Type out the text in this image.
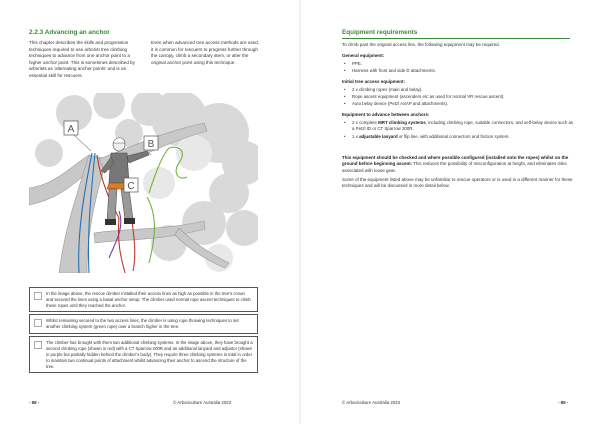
2.2.3 Advancing an anchor
This chapter describes the skills and progression techniques required to use arborist tree climbing techniques to advance from one anchor point to a higher anchor point. This is sometimes described by arborists as ‘alternating anchor points’ and is an essential skill for rescuers.
Even when advanced tree access methods are used, it is common for rescuers to progress further through the canopy, climb a secondary stem, or alter the original anchor point using this technique.
A
B
C
In the image above, the rescue climber installed their access lines as high as possible in the tree’s crown and secured the lines using a basal anchor setup. The climber used normal rope ascent techniques to climb these ropes until they reached the anchor.
Whilst remaining secured to the two access lines, the climber is using rope throwing techniques to set another climbing system (green rope) over a branch higher in the tree.
The climber has brought with them two additional climbing systems. In the image above, they have brought a second climbing rope (shown in red) with a CT Sparrow 200R and an additional lanyard and adjustor (shown in purple but partially hidden behind the climber’s body). They require three climbing systems in total in order to maintain two continual points of attachment whilst advancing their anchor to ascend the structure of the tree.
- 88 -	© Arboriculture Australia 2022
Equipment requirements
To climb past the original access line, the following equipment may be required.
General equipment:
• PPE.
• Harness with front and side D attachments.
Initial tree access equipment:
• 2 x climbing ropes (main and belay).
• Rope ascent equipment (ascenders etc as used for normal VR rescue ascent).
• Auto belay device (Petzl ASAP and attachments).
Equipment to advance between anchors:
• 2 x complete MRT climbing systems, including climbing rope, suitable connectors, and self-belay device such as a Petzl ID or CT Sparrow 200R.
• 1 x adjustable lanyard or flip line, with additional connectors and friction system.
This equipment should be checked and where possible configured (installed onto the ropes) whilst on the ground before beginning ascent. This reduces the possibility of misconfiguration at height, and eliminates risks associated with loose gear.
Some of the equipment listed above may be unfamiliar to rescue operators or is used in a different manner for these techniques and will be discussed in more detail below.
© Arboriculture Australia 2022	- 89 -
